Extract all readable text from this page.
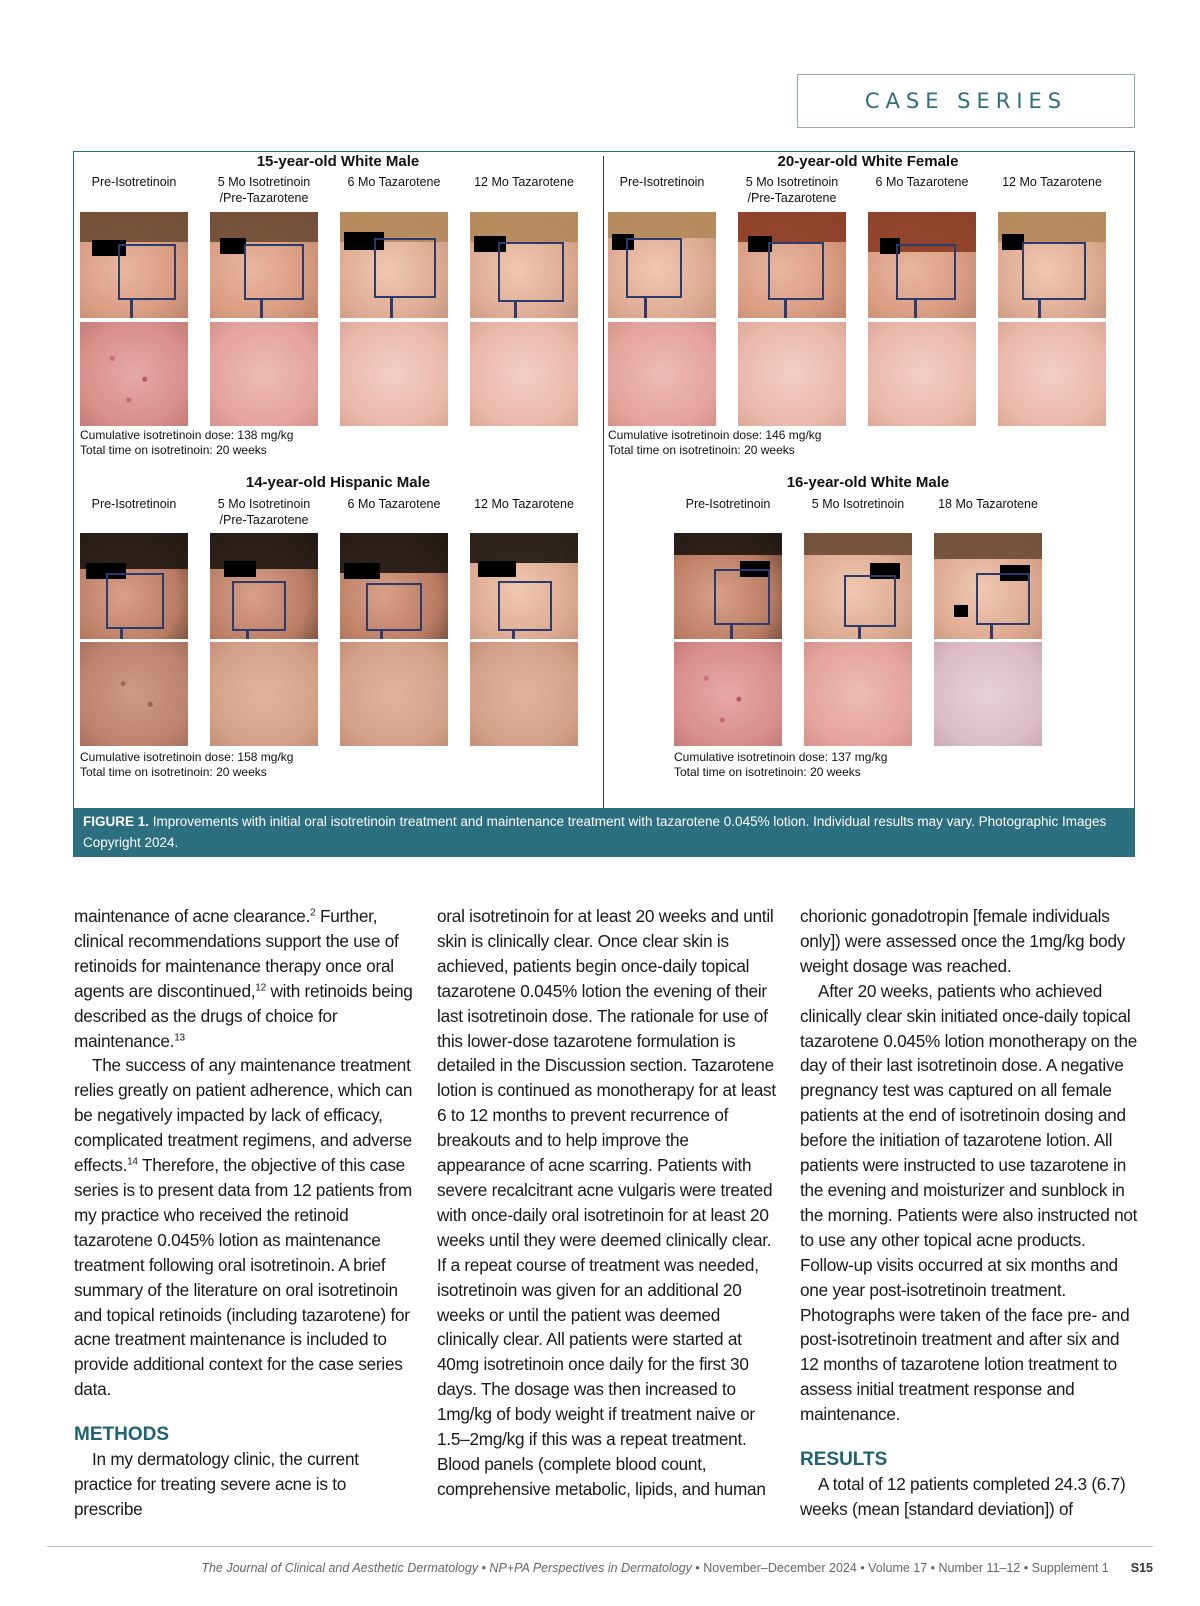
CASE SERIES
15-year-old White Male
Pre-Isotretinoin	5 Mo Isotretinoin
/Pre-Tazarotene
6 Mo Tazarotene	12 Mo Tazarotene
Cumulative isotretinoin dose: 138 mg/kg
Total time on isotretinoin: 20 weeks
20-year-old White Female
Pre-Isotretinoin	5 Mo Isotretinoin
/Pre-Tazarotene
6 Mo Tazarotene	12 Mo Tazarotene
Cumulative isotretinoin dose: 146 mg/kg
Total time on isotretinoin: 20 weeks
14-year-old Hispanic Male
Pre-Isotretinoin	5 Mo Isotretinoin
/Pre-Tazarotene
6 Mo Tazarotene	12 Mo Tazarotene
Cumulative isotretinoin dose: 158 mg/kg
Total time on isotretinoin: 20 weeks
16-year-old White Male
Pre-Isotretinoin	5 Mo Isotretinoin	18 Mo Tazarotene
Cumulative isotretinoin dose: 137 mg/kg
Total time on isotretinoin: 20 weeks
FIGURE 1. Improvements with initial oral isotretinoin treatment and maintenance treatment with tazarotene 0.045% lotion. Individual results may vary. Photographic Images Copyright 2024.

maintenance of acne clearance.$^2$ Further, clinical recommendations support the use of retinoids for maintenance therapy once oral agents are discontinued,$^{12}$ with retinoids being described as the drugs of choice for maintenance.$^{13}$

The success of any maintenance treatment relies greatly on patient adherence, which can be negatively impacted by lack of efficacy, complicated treatment regimens, and adverse effects.$^{14}$ Therefore, the objective of this case series is to present data from 12 patients from my practice who received the retinoid tazarotene 0.045% lotion as maintenance treatment following oral isotretinoin. A brief summary of the literature on oral isotretinoin and topical retinoids (including tazarotene) for acne treatment maintenance is included to provide additional context for the case series data.

METHODS

In my dermatology clinic, the current practice for treating severe acne is to prescribe

oral isotretinoin for at least 20 weeks and until skin is clinically clear. Once clear skin is achieved, patients begin once-daily topical tazarotene 0.045% lotion the evening of their last isotretinoin dose. The rationale for use of this lower-dose tazarotene formulation is detailed in the Discussion section. Tazarotene lotion is continued as monotherapy for at least 6 to 12 months to prevent recurrence of breakouts and to help improve the appearance of acne scarring. Patients with severe recalcitrant acne vulgaris were treated with once-daily oral isotretinoin for at least 20 weeks until they were deemed clinically clear. If a repeat course of treatment was needed, isotretinoin was given for an additional 20 weeks or until the patient was deemed clinically clear. All patients were started at 40mg isotretinoin once daily for the first 30 days. The dosage was then increased to 1mg/kg of body weight if treatment naive or 1.5–2mg/kg if this was a repeat treatment. Blood panels (complete blood count, comprehensive metabolic, lipids, and human

chorionic gonadotropin [female individuals only]) were assessed once the 1mg/kg body weight dosage was reached.

After 20 weeks, patients who achieved clinically clear skin initiated once-daily topical tazarotene 0.045% lotion monotherapy on the day of their last isotretinoin dose. A negative pregnancy test was captured on all female patients at the end of isotretinoin dosing and before the initiation of tazarotene lotion. All patients were instructed to use tazarotene in the evening and moisturizer and sunblock in the morning. Patients were also instructed not to use any other topical acne products. Follow-up visits occurred at six months and one year post-isotretinoin treatment. Photographs were taken of the face pre- and post-isotretinoin treatment and after six and 12 months of tazarotene lotion treatment to assess initial treatment response and maintenance.

RESULTS

A total of 12 patients completed 24.3 (6.7) weeks (mean [standard deviation]) of

The Journal of Clinical and Aesthetic Dermatology • NP+PA Perspectives in Dermatology • November–December 2024 • Volume 17 • Number 11–12 • Supplement 1 S15
